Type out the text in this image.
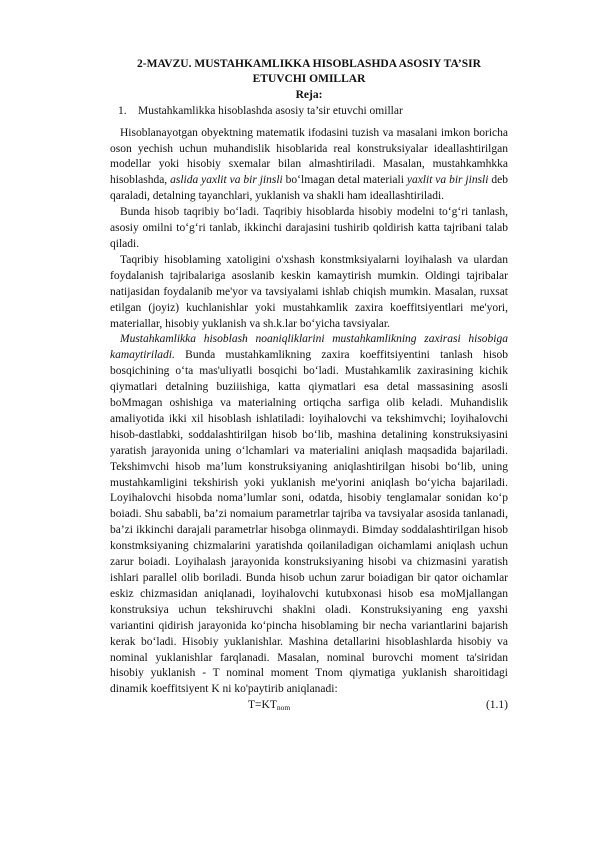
2-MAVZU. MUSTAHKAMLIKKA HISOBLASHDA ASOSIY TA’SIR
ETUVCHI OMILLAR
Reja:
1. Mustahkamlikka hisoblashda asosiy ta’sir etuvchi omillar

Hisoblanayotgan obyektning matematik ifodasini tuzish va masalani imkon boricha oson yechish uchun muhandislik hisoblarida real konstruksiyalar ideallashtirilgan modellar yoki hisobiy sxemalar bilan almashtiriladi. Masalan, mustahkamhkka hisoblashda, aslida yaxlit va bir jinsli bo‘lmagan detal materiali yaxlit va bir jinsli deb qaraladi, detalning tayanchlari, yuklanish va shakli ham ideallashtiriladi.

Bunda hisob taqribiy bo‘ladi. Taqribiy hisoblarda hisobiy modelni to‘g‘ri tanlash, asosiy omilni to‘g‘ri tanlab, ikkinchi darajasini tushirib qoldirish katta tajribani talab qiladi.

Taqribiy hisoblaming xatoligini o'xshash konstmksiyalarni loyihalash va ulardan foydalanish tajribalariga asoslanib keskin kamaytirish mumkin. Oldingi tajribalar natijasidan foydalanib me'yor va tavsiyalami ishlab chiqish mumkin. Masalan, ruxsat etilgan (joyiz) kuchlanishlar yoki mustahkamlik zaxira koeffitsiyentlari me'yori, materiallar, hisobiy yuklanish va sh.k.lar bo‘yicha tavsiyalar.

Mustahkamlikka hisoblash noaniqliklarini mustahkamlikning zaxirasi hisobiga kamaytiriladi. Bunda mustahkamlikning zaxira koeffitsiyentini tanlash hisob bosqichining o‘ta mas'uliyatli bosqichi bo‘ladi. Mustahkamlik zaxirasining kichik qiymatlari detalning buziiishiga, katta qiymatlari esa detal massasining asosli boMmagan oshishiga va materialning ortiqcha sarfiga olib keladi. Muhandislik amaliyotida ikki xil hisoblash ishlatiladi: loyihalovchi va tekshimvchi; loyihalovchi hisob-dastlabki, soddalashtirilgan hisob bo‘lib, mashina detalining konstruksiyasini yaratish jarayonida uning o‘lchamlari va materialini aniqlash maqsadida bajariladi. Tekshimvchi hisob ma’lum konstruksiyaning aniqlashtirilgan hisobi bo‘lib, uning mustahkamligini tekshirish yoki yuklanish me'yorini aniqlash bo‘yicha bajariladi. Loyihalovchi hisobda noma’lumlar soni, odatda, hisobiy tenglamalar sonidan ko‘p boiadi. Shu sababli, ba’zi nomaium parametrlar tajriba va tavsiyalar asosida tanlanadi, ba’zi ikkinchi darajali parametrlar hisobga olinmaydi. Bimday soddalashtirilgan hisob konstmksiyaning chizmalarini yaratishda qoilaniladigan oichamlami aniqlash uchun zarur boiadi. Loyihalash jarayonida konstruksiyaning hisobi va chizmasini yaratish ishlari parallel olib boriladi. Bunda hisob uchun zarur boiadigan bir qator oichamlar eskiz chizmasidan aniqlanadi, loyihalovchi kutubxonasi hisob esa moMjallangan konstruksiya uchun tekshiruvchi shaklni oladi. Konstruksiyaning eng yaxshi variantini qidirish jarayonida ko‘pincha hisoblaming bir necha variantlarini bajarish kerak bo‘ladi. Hisobiy yuklanishlar. Mashina detallarini hisoblashlarda hisobiy va nominal yuklanishlar farqlanadi. Masalan, nominal burovchi moment ta'siridan hisobiy yuklanish - T nominal moment Tnom qiymatiga yuklanish sharoitidagi dinamik koeffitsiyent K ni ko'paytirib aniqlanadi:

$T=KT_{nom}$	(1.1)
